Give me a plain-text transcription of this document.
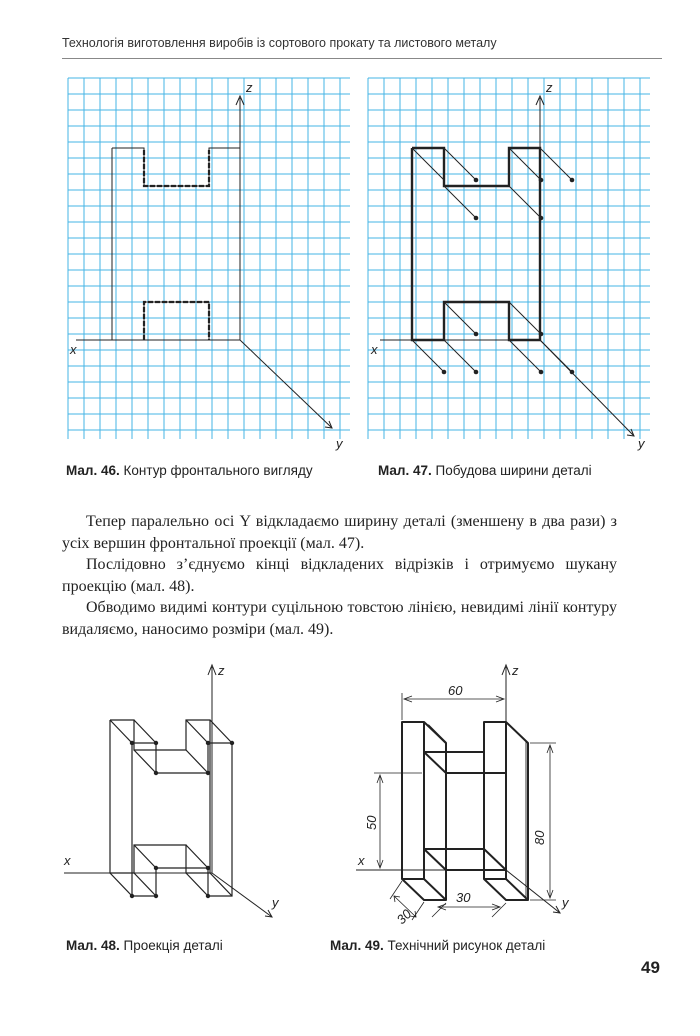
Технологія виготовлення виробів із сортового прокату та листового металу
z
x
y
z
x
y
Мал. 46. Контур фронтального вигляду	Мал. 47. Побудова ширини деталі

Тепер паралельно осі Y відкладаємо ширину деталі (зменшену в два рази) з усіх вершин фронтальної проекції (мал. 47).

Послідовно з’єднуємо кінці відкладених відрізків і отримуємо шукану проекцію (мал. 48).

Обводимо видимі контури суцільною товстою лінією, невидимі лінії контуру видаляємо, наносимо розміри (мал. 49).

z
x
y
60
80
50
30
30
z
x
y
Мал. 48. Проекція деталі	Мал. 49. Технічний рисунок деталі
49
